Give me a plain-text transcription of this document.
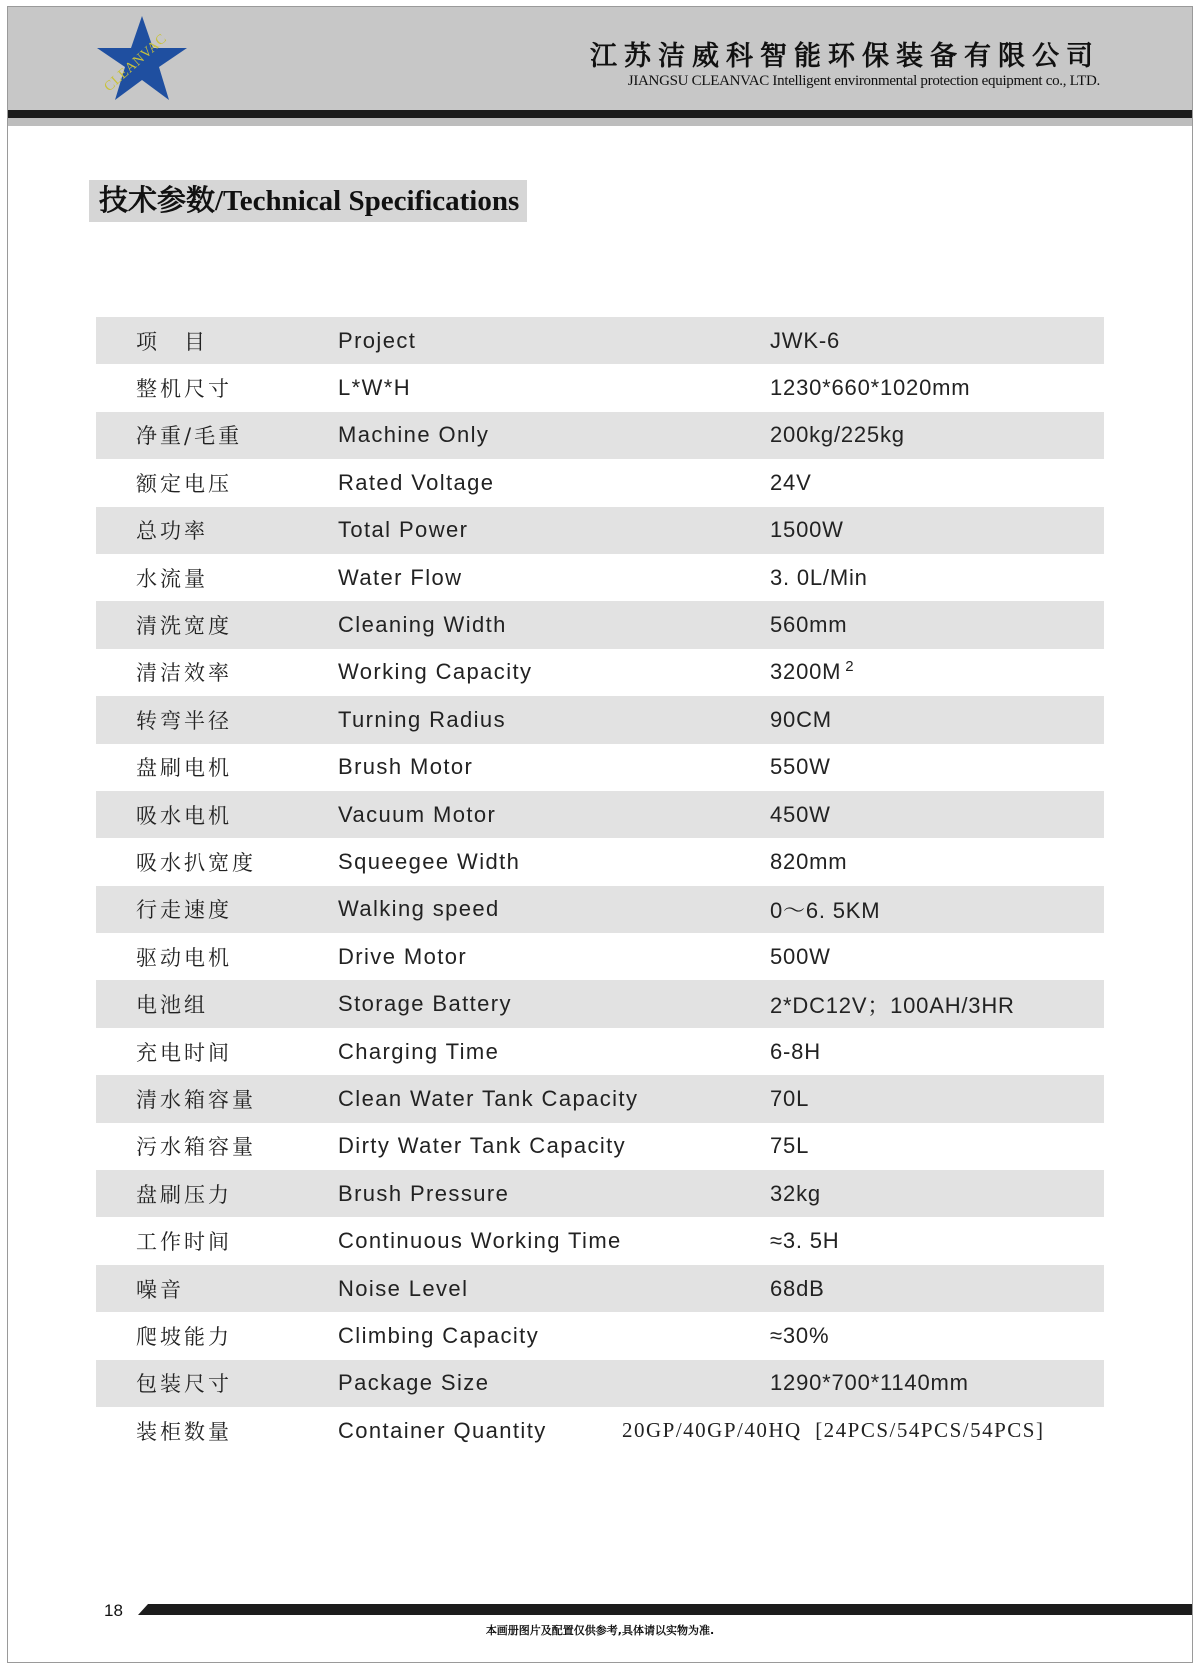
CLEANVAC	江苏洁威科智能环保装备有限公司
JIANGSU CLEANVAC Intelligent environmental protection equipment co., LTD.
技术参数/Technical Specifications
项　目	Project	JWK-6
整机尺寸	L*W*H	1230*660*1020mm
净重/毛重	Machine Only	200kg/225kg
额定电压	Rated Voltage	24V
总功率	Total Power	1500W
水流量	Water Flow	3. 0L/Min
清洗宽度	Cleaning Width	560mm
清洁效率	Working Capacity	3200M $^2$
转弯半径	Turning Radius	90CM
盘刷电机	Brush Motor	550W
吸水电机	Vacuum Motor	450W
吸水扒宽度	Squeegee Width	820mm
行走速度	Walking speed	0～6. 5KM
驱动电机	Drive Motor	500W
电池组	Storage Battery	2*DC12V；100AH/3HR
充电时间	Charging Time	6-8H
清水箱容量	Clean Water Tank Capacity	70L
污水箱容量	Dirty Water Tank Capacity	75L
盘刷压力	Brush Pressure	32kg
工作时间	Continuous Working Time	≈3. 5H
噪音	Noise Level	68dB
爬坡能力	Climbing Capacity	≈30%
包装尺寸	Package Size	1290*700*1140mm
装柜数量	Container Quantity	20GP/40GP/40HQ  [24PCS/54PCS/54PCS]
18
本画册图片及配置仅供参考,具体请以实物为准.
